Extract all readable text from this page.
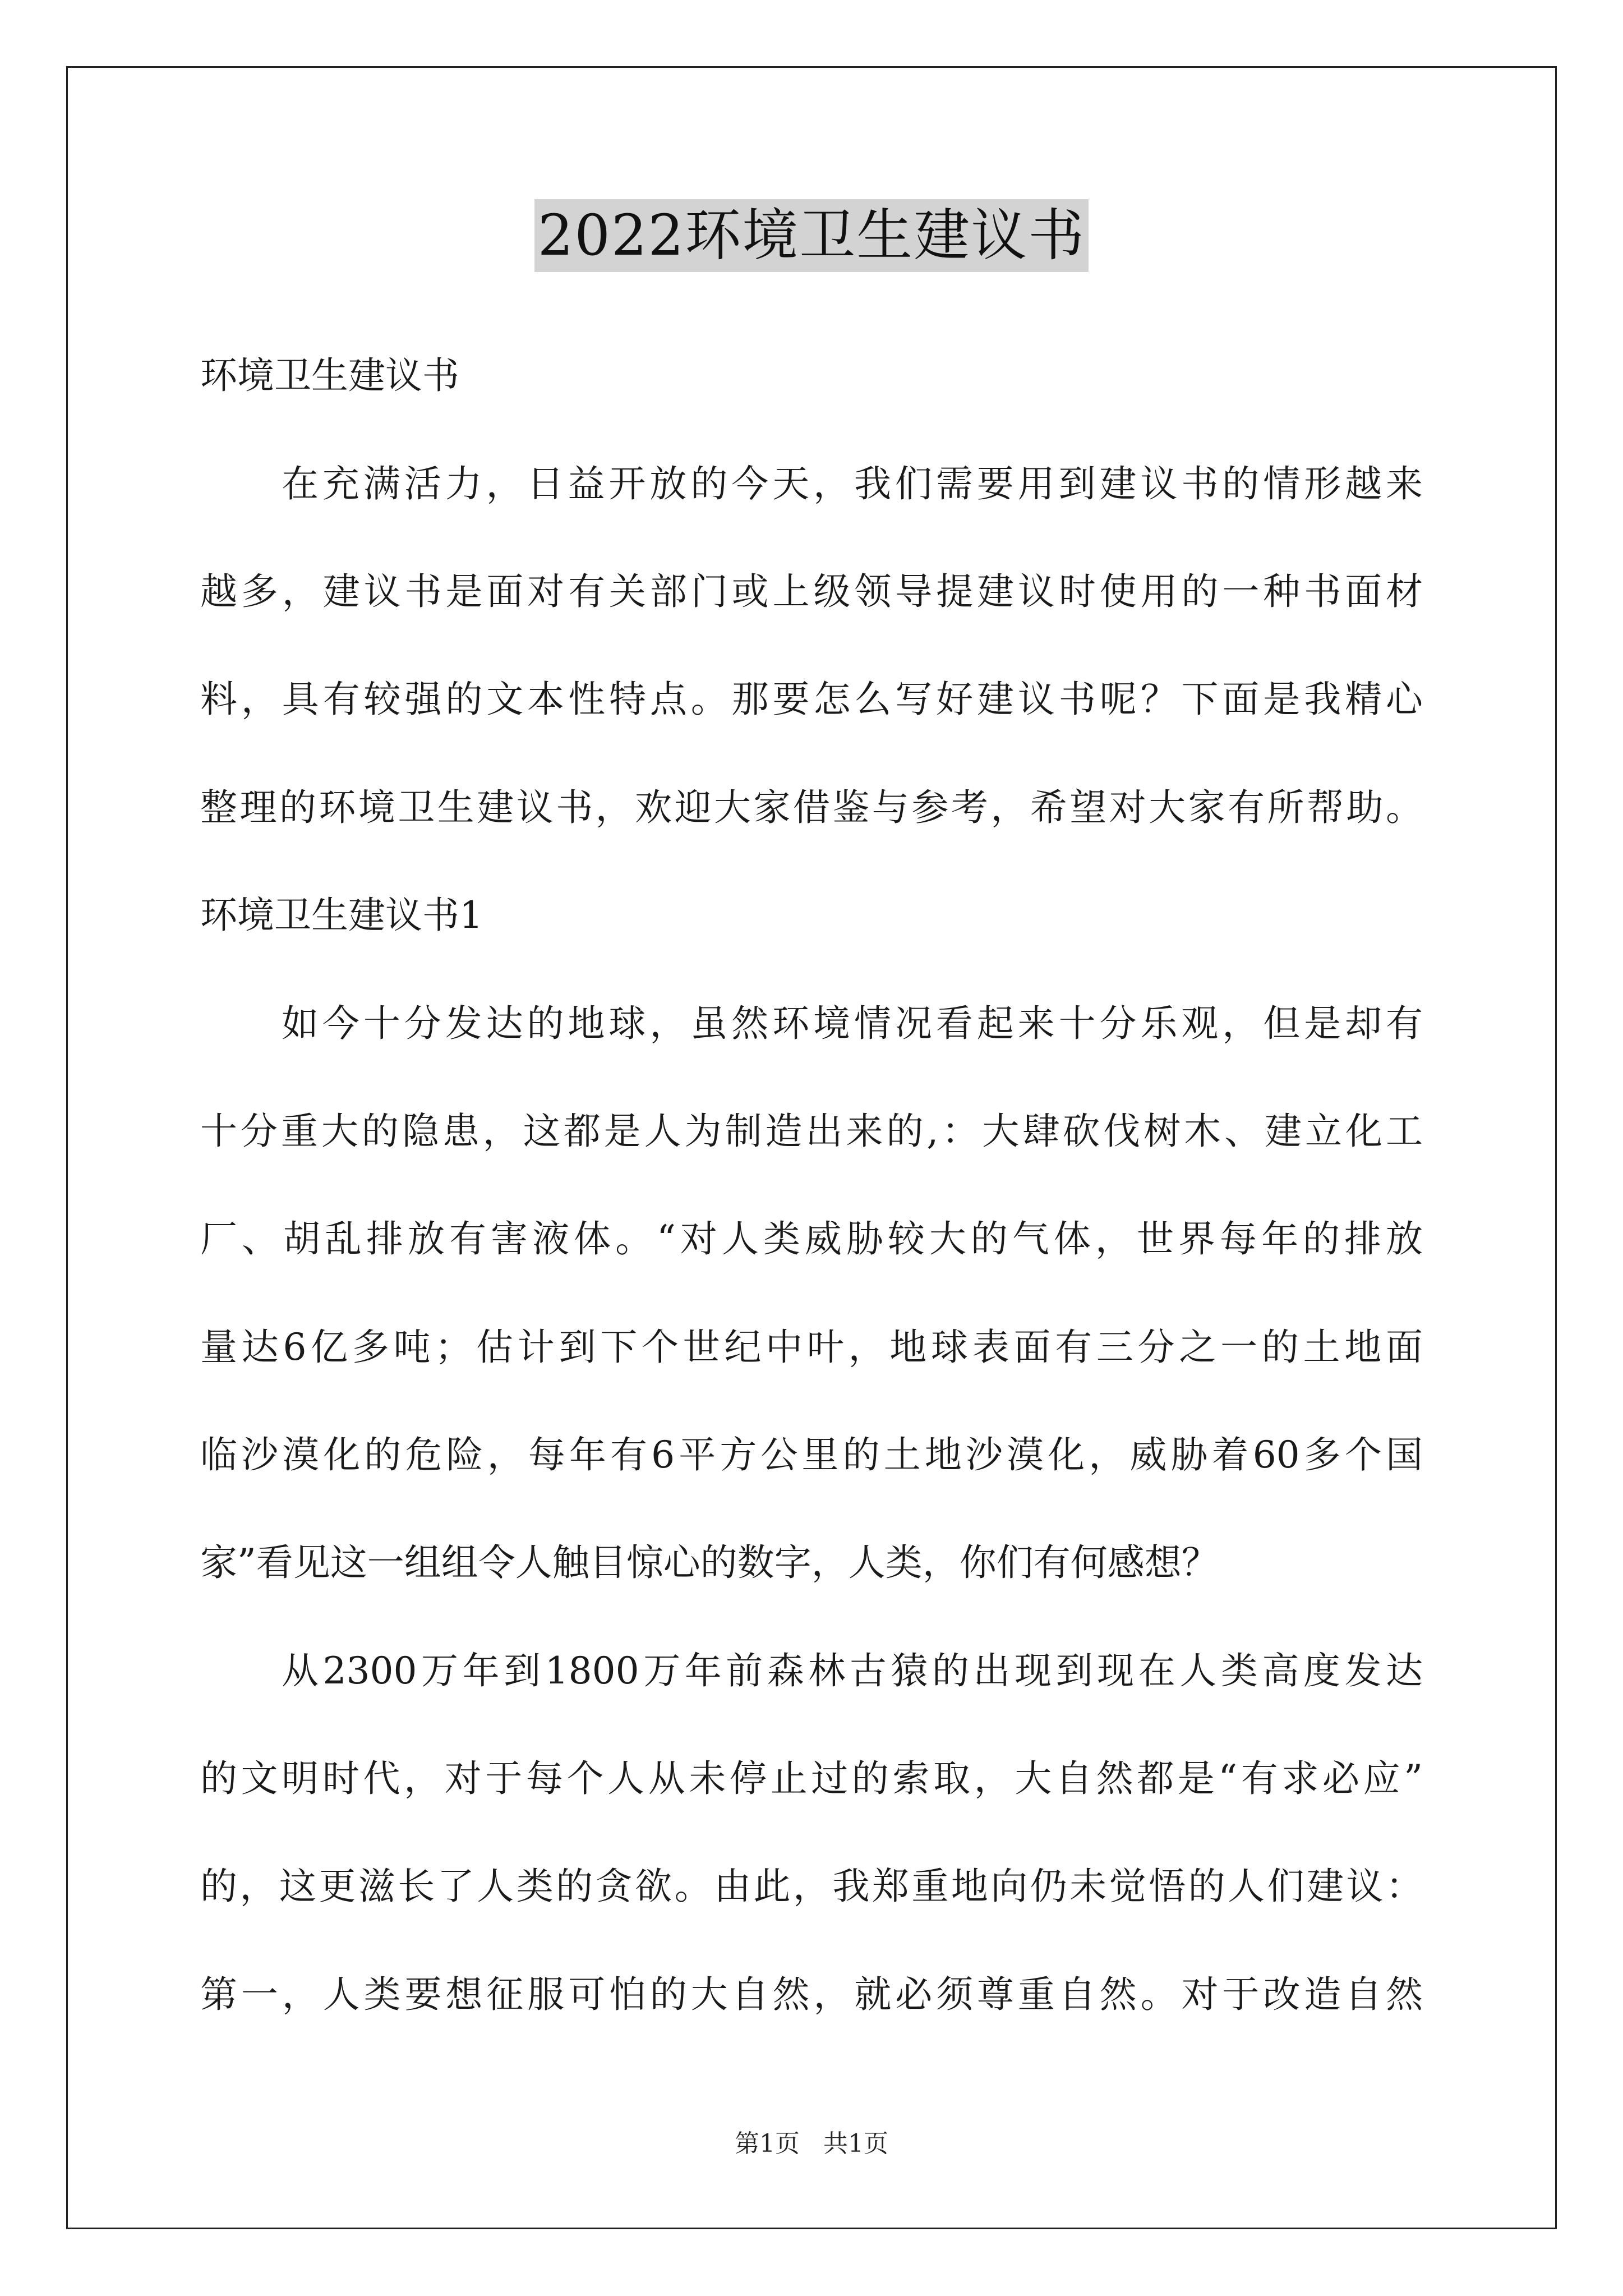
2022环境卫生建议书
环境卫生建议书
在充满活力，日益开放的今天，我们需要用到建议书的情形越来
越多，建议书是面对有关部门或上级领导提建议时使用的一种书面材
料，具有较强的文本性特点。那要怎么写好建议书呢？下面是我精心
整理的环境卫生建议书，欢迎大家借鉴与参考，希望对大家有所帮助。
环境卫生建议书1
如今十分发达的地球，虽然环境情况看起来十分乐观，但是却有
十分重大的隐患，这都是人为制造出来的,：大肆砍伐树木、建立化工
厂、胡乱排放有害液体。“对人类威胁较大的气体，世界每年的排放
量达6亿多吨；估计到下个世纪中叶，地球表面有三分之一的土地面
临沙漠化的危险，每年有6平方公里的土地沙漠化，威胁着60多个国
家”看见这一组组令人触目惊心的数字，人类，你们有何感想？
从2300万年到1800万年前森林古猿的出现到现在人类高度发达
的文明时代，对于每个人从未停止过的索取，大自然都是“有求必应”
的，这更滋长了人类的贪欲。由此，我郑重地向仍未觉悟的人们建议：
第一，人类要想征服可怕的大自然，就必须尊重自然。对于改造自然
第1页   共1页
